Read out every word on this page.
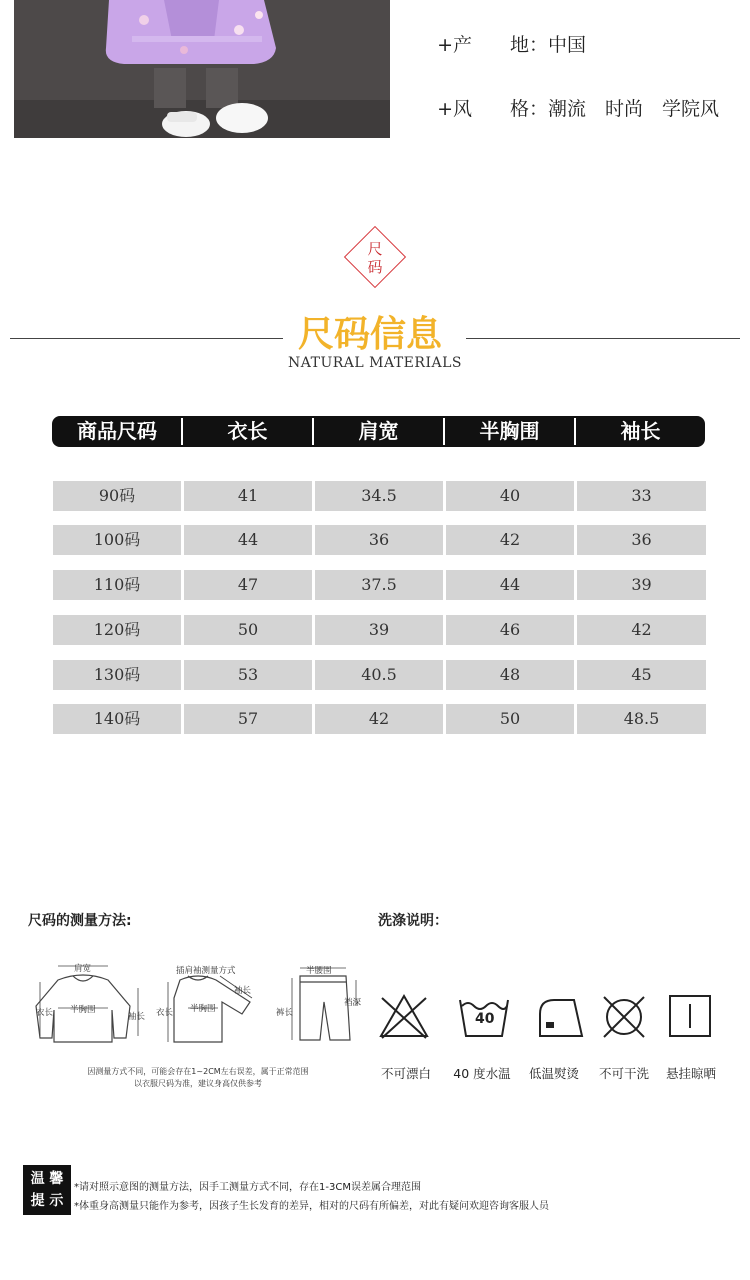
+产　　地：中国

+风　　格：潮流　时尚　学院风

尺
码
尺码信息
NATURAL MATERIALS
商品尺码	衣长	肩宽	半胸围	袖长
90码	41	34.5	40	33
100码	44	36	42	36
110码	47	37.5	44	39
120码	50	39	46	42
130码	53	40.5	48	45
140码	57	42	50	48.5
尺码的测量方法:
肩宽
半胸围
衣长	袖长
插肩袖测量方式
半胸围
衣长
袖长
半腰围
裤长
裆深
因测量方式不同，可能会存在1~2CM左右误差，属于正常范围
以衣服尺码为准，建议身高仅供参考
洗涤说明：
40
不可漂白	40 度水温	低温熨烫	不可干洗	悬挂晾晒
温 馨
提 示
*请对照示意图的测量方法，因手工测量方式不同，存在1-3CM误差属合理范围
*体重身高测量只能作为参考，因孩子生长发育的差异，相对的尺码有所偏差，对此有疑问欢迎咨询客服人员
